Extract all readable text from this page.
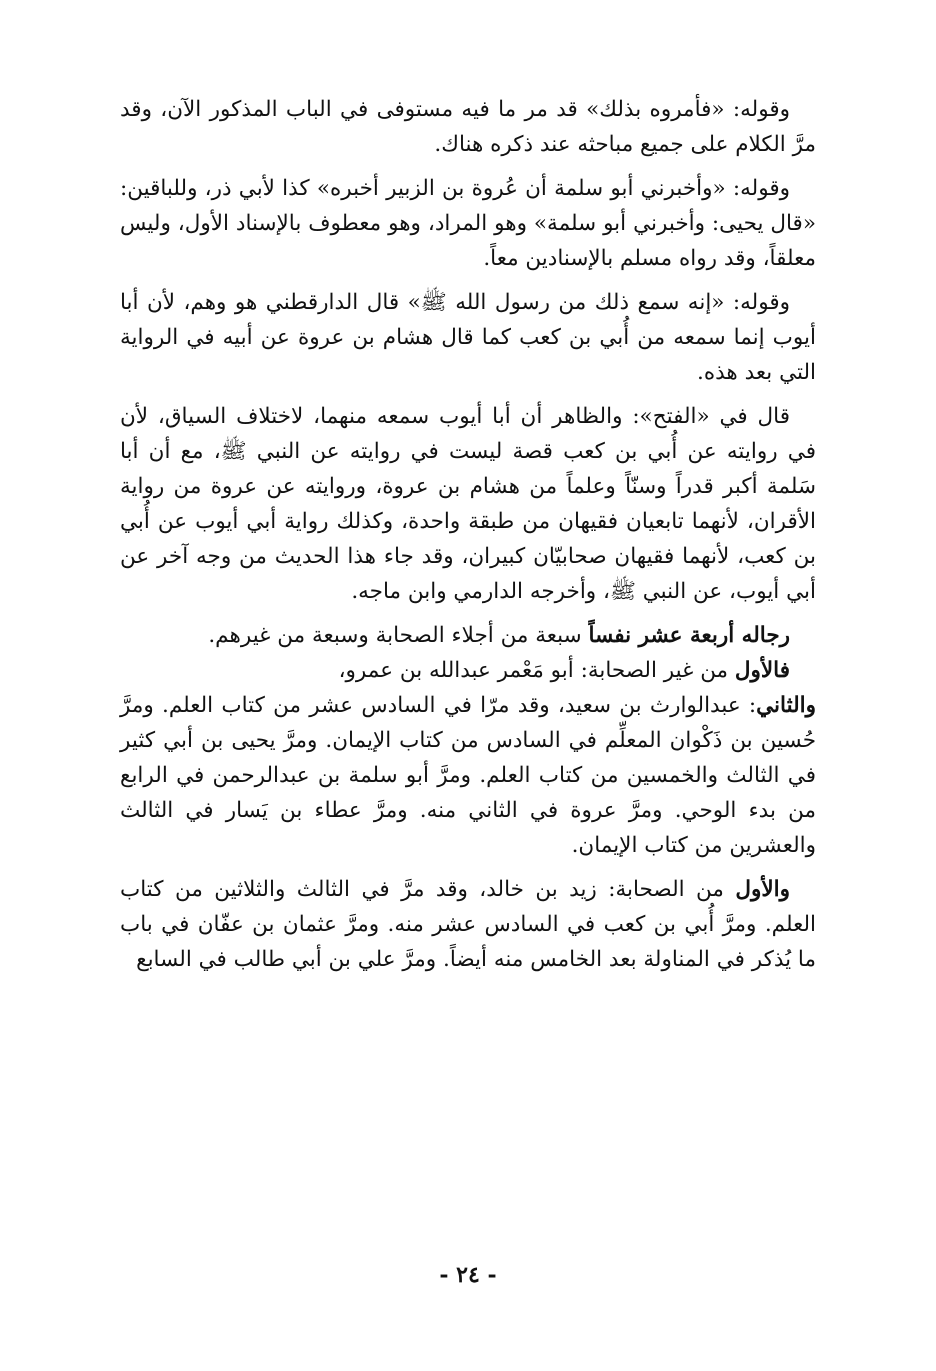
وقوله: «فأمروه بذلك» قد مر ما فيه مستوفى في الباب المذكور الآن، وقد مرَّ الكلام على جميع مباحثه عند ذكره هناك.

وقوله: «وأخبرني أبو سلمة أن عُروة بن الزبير أخبره» كذا لأبي ذر، وللباقين: «قال يحيى: وأخبرني أبو سلمة» وهو المراد، وهو معطوف بالإسناد الأول، وليس معلقاً، وقد رواه مسلم بالإسنادين معاً.

وقوله: «إنه سمع ذلك من رسول الله ﷺ» قال الدارقطني هو وهم، لأن أبا أيوب إنما سمعه من أُبي بن كعب كما قال هشام بن عروة عن أبيه في الرواية التي بعد هذه.

قال في «الفتح»: والظاهر أن أبا أيوب سمعه منهما، لاختلاف السياق، لأن في روايته عن أُبي بن كعب قصة ليست في روايته عن النبي ﷺ، مع أن أبا سَلمة أكبر قدراً وسنّاً وعلماً من هشام بن عروة، وروايته عن عروة من رواية الأقران، لأنهما تابعيان فقيهان من طبقة واحدة، وكذلك رواية أبي أيوب عن أُبي بن كعب، لأنهما فقيهان صحابيّان كبيران، وقد جاء هذا الحديث من وجه آخر عن أبي أيوب، عن النبي ﷺ، وأخرجه الدارمي وابن ماجه.

رجاله أربعة عشر نفساً سبعة من أجلاء الصحابة وسبعة من غيرهم.

فالأول من غير الصحابة: أبو مَعْمر عبدالله بن عمرو،

والثاني: عبدالوارث بن سعيد، وقد مرّا في السادس عشر من كتاب العلم. ومرَّ حُسين بن ذَكْوان المعلِّم في السادس من كتاب الإيمان. ومرَّ يحيى بن أبي كثير في الثالث والخمسين من كتاب العلم. ومرَّ أبو سلمة بن عبدالرحمن في الرابع من بدء الوحي. ومرَّ عروة في الثاني منه. ومرَّ عطاء بن يَسار في الثالث والعشرين من كتاب الإيمان.

والأول من الصحابة: زيد بن خالد، وقد مرَّ في الثالث والثلاثين من كتاب العلم. ومرَّ أُبي بن كعب في السادس عشر منه. ومرَّ عثمان بن عفّان في باب ما يُذكر في المناولة بعد الخامس منه أيضاً. ومرَّ علي بن أبي طالب في السابع

- ٢٤ -
